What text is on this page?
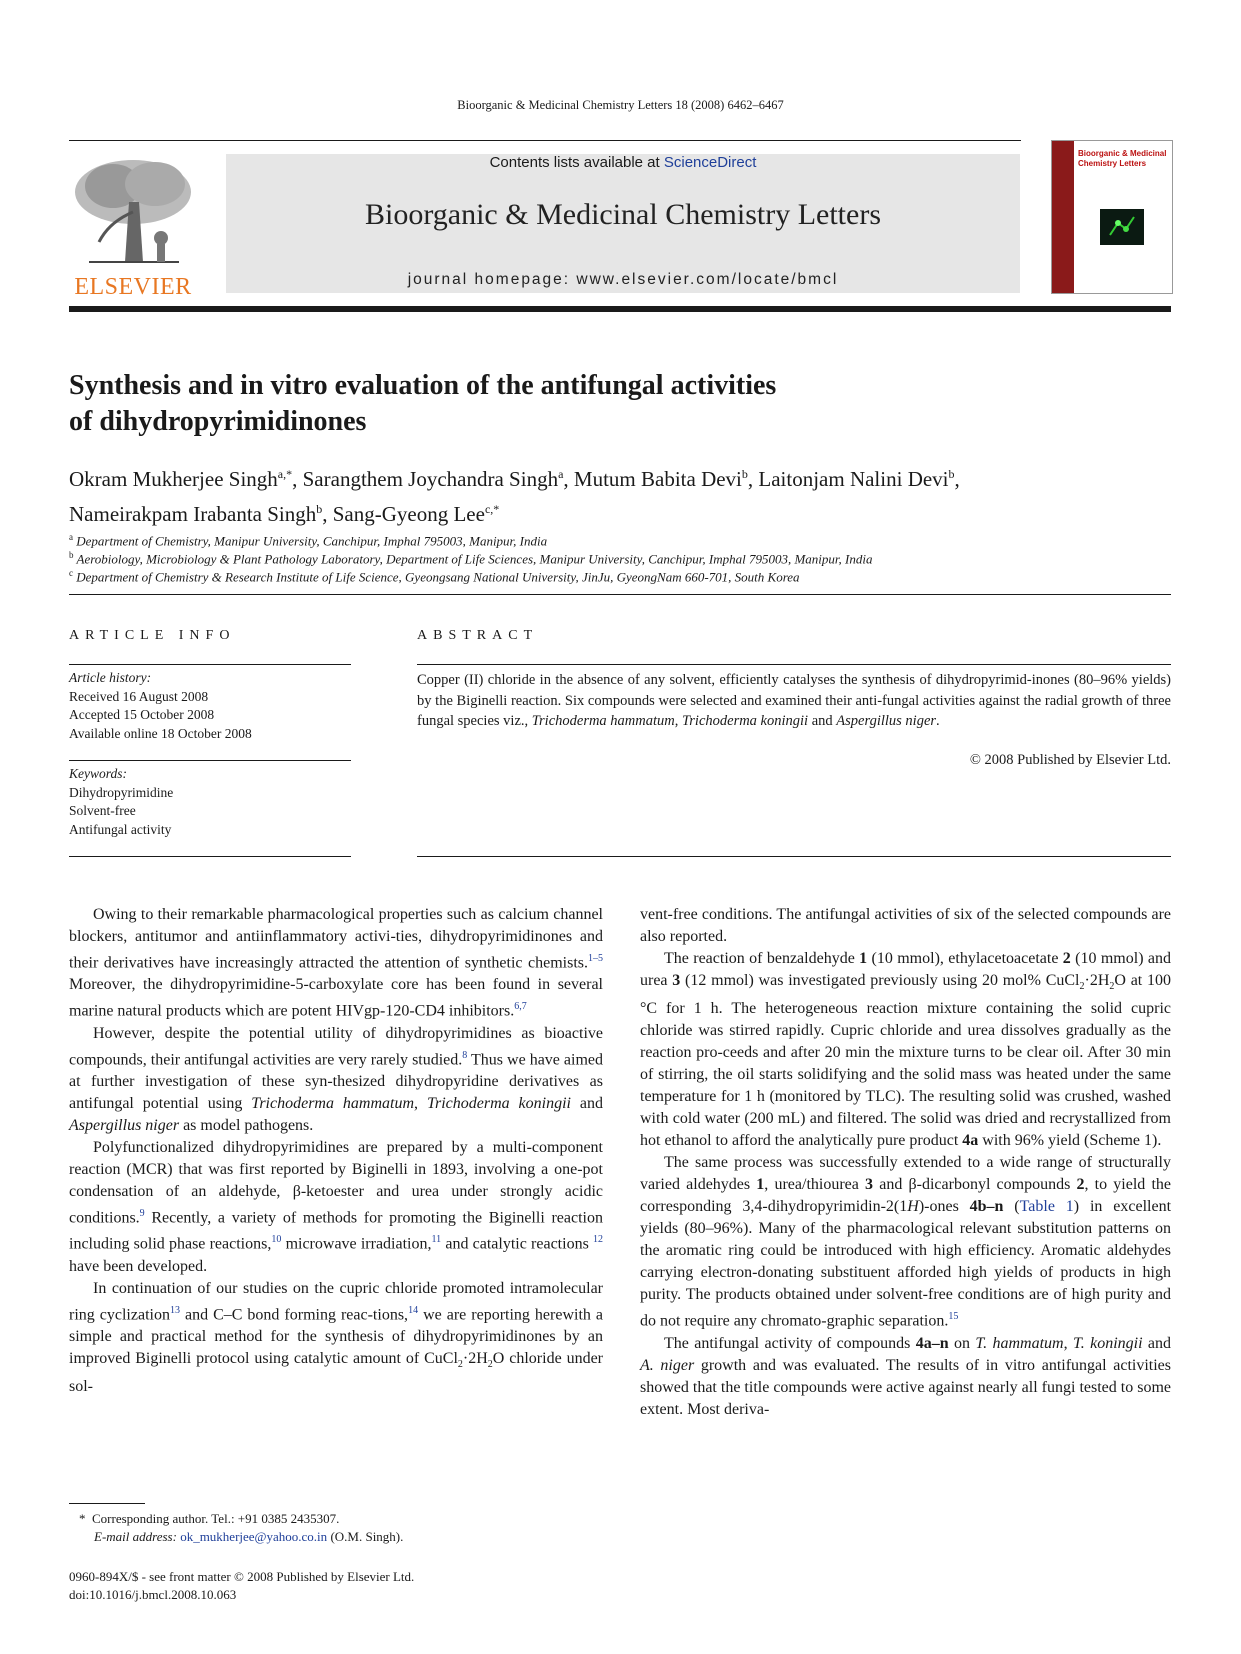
Bioorganic & Medicinal Chemistry Letters 18 (2008) 6462–6467
ELSEVIER
Contents lists available at ScienceDirect
Bioorganic & Medicinal Chemistry Letters
journal homepage: www.elsevier.com/locate/bmcl
Bioorganic & Medicinal Chemistry Letters
Synthesis and in vitro evaluation of the antifungal activities
of dihydropyrimidinones
Okram Mukherjee Singh$^{a,*}$, Sarangthem Joychandra Singh$^a$, Mutum Babita Devi$^b$, Laitonjam Nalini Devi$^b$,
Nameirakpam Irabanta Singh$^b$, Sang-Gyeong Lee$^{c,*}$
$^a$ Department of Chemistry, Manipur University, Canchipur, Imphal 795003, Manipur, India
$^b$ Aerobiology, Microbiology & Plant Pathology Laboratory, Department of Life Sciences, Manipur University, Canchipur, Imphal 795003, Manipur, India
$^c$ Department of Chemistry & Research Institute of Life Science, Gyeongsang National University, JinJu, GyeongNam 660-701, South Korea
ARTICLE INFO
Article history:
Received 16 August 2008
Accepted 15 October 2008
Available online 18 October 2008
Keywords:
Dihydropyrimidine
Solvent-free
Antifungal activity
ABSTRACT
Copper (II) chloride in the absence of any solvent, efficiently catalyses the synthesis of dihydropyrimid-inones (80–96% yields) by the Biginelli reaction. Six compounds were selected and examined their anti-fungal activities against the radial growth of three fungal species viz., Trichoderma hammatum, Trichoderma koningii and Aspergillus niger.
© 2008 Published by Elsevier Ltd.

Owing to their remarkable pharmacological properties such as calcium channel blockers, antitumor and antiinflammatory activi-ties, dihydropyrimidinones and their derivatives have increasingly attracted the attention of synthetic chemists.$^{1-5}$ Moreover, the dihydropyrimidine-5-carboxylate core has been found in several marine natural products which are potent HIVgp-120-CD4 inhibitors.$^{6,7}$

However, despite the potential utility of dihydropyrimidines as bioactive compounds, their antifungal activities are very rarely studied.$^8$ Thus we have aimed at further investigation of these syn-thesized dihydropyridine derivatives as antifungal potential using Trichoderma hammatum, Trichoderma koningii and Aspergillus niger as model pathogens.

Polyfunctionalized dihydropyrimidines are prepared by a multi-component reaction (MCR) that was first reported by Biginelli in 1893, involving a one-pot condensation of an aldehyde, β-ketoester and urea under strongly acidic conditions.$^9$ Recently, a variety of methods for promoting the Biginelli reaction including solid phase reactions,$^{10}$ microwave irradiation,$^{11}$ and catalytic reactions $^{12}$ have been developed.

In continuation of our studies on the cupric chloride promoted intramolecular ring cyclization$^{13}$ and C–C bond forming reac-tions,$^{14}$ we are reporting herewith a simple and practical method for the synthesis of dihydropyrimidinones by an improved Biginelli protocol using catalytic amount of $CuCl_2\cdot 2H_2O$ chloride under sol-

vent-free conditions. The antifungal activities of six of the selected compounds are also reported.

The reaction of benzaldehyde 1 (10 mmol), ethylacetoacetate 2 (10 mmol) and urea 3 (12 mmol) was investigated previously using 20 mol% $CuCl_2\cdot 2H_2O$ at 100 °C for 1 h. The heterogeneous reaction mixture containing the solid cupric chloride was stirred rapidly. Cupric chloride and urea dissolves gradually as the reaction pro-ceeds and after 20 min the mixture turns to be clear oil. After 30 min of stirring, the oil starts solidifying and the solid mass was heated under the same temperature for 1 h (monitored by TLC). The resulting solid was crushed, washed with cold water (200 mL) and filtered. The solid was dried and recrystallized from hot ethanol to afford the analytically pure product 4a with 96% yield (Scheme 1).

The same process was successfully extended to a wide range of structurally varied aldehydes 1, urea/thiourea 3 and β-dicarbonyl compounds 2, to yield the corresponding 3,4-dihydropyrimidin-2(1H)-ones 4b–n (Table 1) in excellent yields (80–96%). Many of the pharmacological relevant substitution patterns on the aromatic ring could be introduced with high efficiency. Aromatic aldehydes carrying electron-donating substituent afforded high yields of products in high purity. The products obtained under solvent-free conditions are of high purity and do not require any chromato-graphic separation.$^{15}$

The antifungal activity of compounds 4a–n on T. hammatum, T. koningii and A. niger growth and was evaluated. The results of in vitro antifungal activities showed that the title compounds were active against nearly all fungi tested to some extent. Most deriva-

* Corresponding author. Tel.: +91 0385 2435307.
E-mail address: ok_mukherjee@yahoo.co.in (O.M. Singh).
0960-894X/$ - see front matter © 2008 Published by Elsevier Ltd.
doi:10.1016/j.bmcl.2008.10.063
